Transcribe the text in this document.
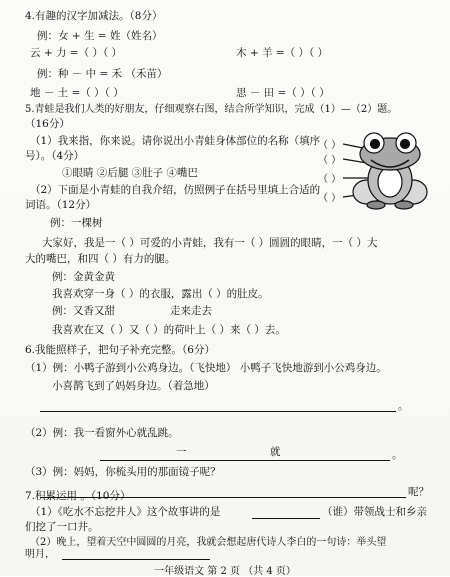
4.有趣的汉字加减法。（8分）
例：女 + 生 = 姓（姓名）
云 + 力 =（ ）（ ）	木 + 羊 =（ ）（ ）
例：种 － 中 = 禾 （禾苗）
地 － 土 =（ ）（ ）	思 － 田 =（ ）（ ）
5.青蛙是我们人类的好朋友，仔细观察右图，结合所学知识，完成（1）—（2）题。
（16分）
（1）我来指，你来说。请你说出小青蛙身体部位的名称（填序
号）。（4分）
①眼睛 ②后腿 ③肚子 ④嘴巴
（2）下面是小青蛙的自我介绍，仿照例子在括号里填上合适的
词语。（12分）
例：一棵树
（ ）
（ ）
（ ）
（ ）
大家好，我是一（ ）可爱的小青蛙，我有一（ ）圆圆的眼睛，一（ ）大
大的嘴巴，和四（ ）有力的腿。
例：金黄金黄
我喜欢穿一身（ ）的衣服，露出（ ）的肚皮。
例：又香又甜	走来走去
我喜欢在又（ ）又（ ）的荷叶上（ ）来（ ）去。
6.我能照样子，把句子补充完整。（6分）
（1）例：小鸭子游到小公鸡身边。（飞快地） 小鸭子飞快地游到小公鸡身边。
小喜鹊飞到了妈妈身边。（着急地）
。
（2）例：我一看窗外心就乱跳。
一	就	。
（3）例：妈妈，你梳头用的那面镜子呢？
呢？
7.积累运用 。（10分）
（1）《吃水不忘挖井人》这个故事讲的是	（谁）带领战士和乡亲
们挖了一口井。
（2）晚上，望着天空中圆圆的月亮，我就会想起唐代诗人李白的一句诗：举头望
明月，
一年级语文 第 2 页 （共 4 页）
